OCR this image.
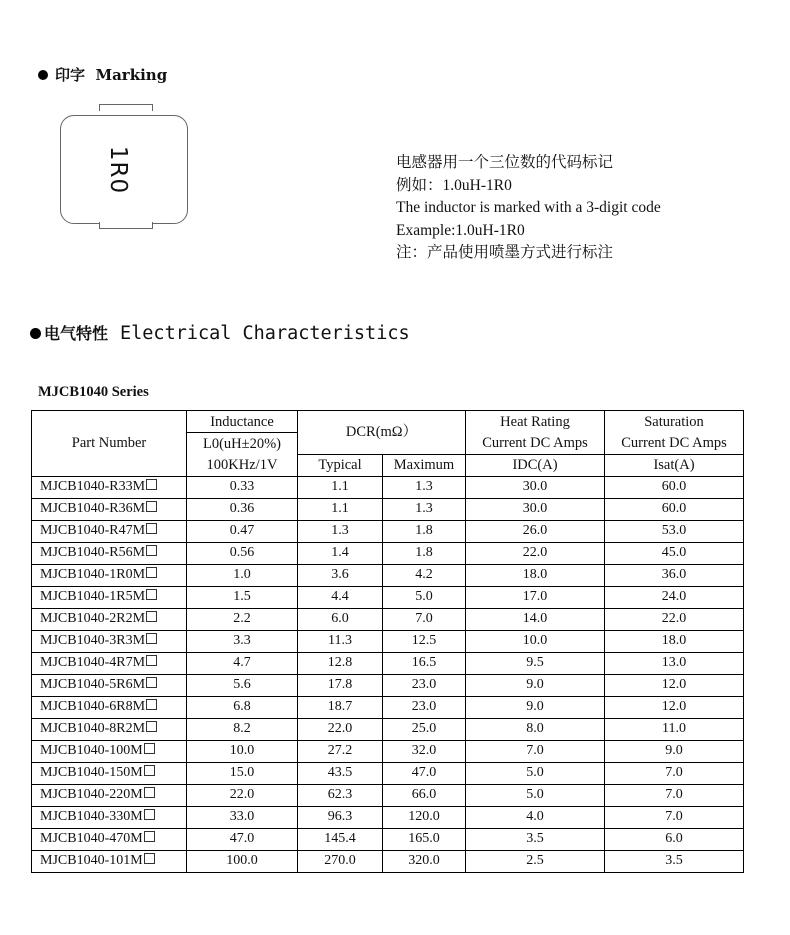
印字 Marking
1R0	电感器用一个三位数的代码标记
例如：1.0uH-1R0
The inductor is marked with a 3-digit code
Example:1.0uH-1R0
注：产品使用喷墨方式进行标注
电气特性 Electrical Characteristics
MJCB1040 Series
Part Number	Inductance	DCR(mΩ）		Heat Rating	Saturation
	L0(uH±20%)			Current DC Amps	Current DC Amps
	100KHz/1V	Typical	Maximum	IDC(A)	Isat(A)
MJCB1040-R33M	0.33	1.1	1.3	30.0	60.0
MJCB1040-R36M	0.36	1.1	1.3	30.0	60.0
MJCB1040-R47M	0.47	1.3	1.8	26.0	53.0
MJCB1040-R56M	0.56	1.4	1.8	22.0	45.0
MJCB1040-1R0M	1.0	3.6	4.2	18.0	36.0
MJCB1040-1R5M	1.5	4.4	5.0	17.0	24.0
MJCB1040-2R2M	2.2	6.0	7.0	14.0	22.0
MJCB1040-3R3M	3.3	11.3	12.5	10.0	18.0
MJCB1040-4R7M	4.7	12.8	16.5	9.5	13.0
MJCB1040-5R6M	5.6	17.8	23.0	9.0	12.0
MJCB1040-6R8M	6.8	18.7	23.0	9.0	12.0
MJCB1040-8R2M	8.2	22.0	25.0	8.0	11.0
MJCB1040-100M	10.0	27.2	32.0	7.0	9.0
MJCB1040-150M	15.0	43.5	47.0	5.0	7.0
MJCB1040-220M	22.0	62.3	66.0	5.0	7.0
MJCB1040-330M	33.0	96.3	120.0	4.0	7.0
MJCB1040-470M	47.0	145.4	165.0	3.5	6.0
MJCB1040-101M	100.0	270.0	320.0	2.5	3.5
